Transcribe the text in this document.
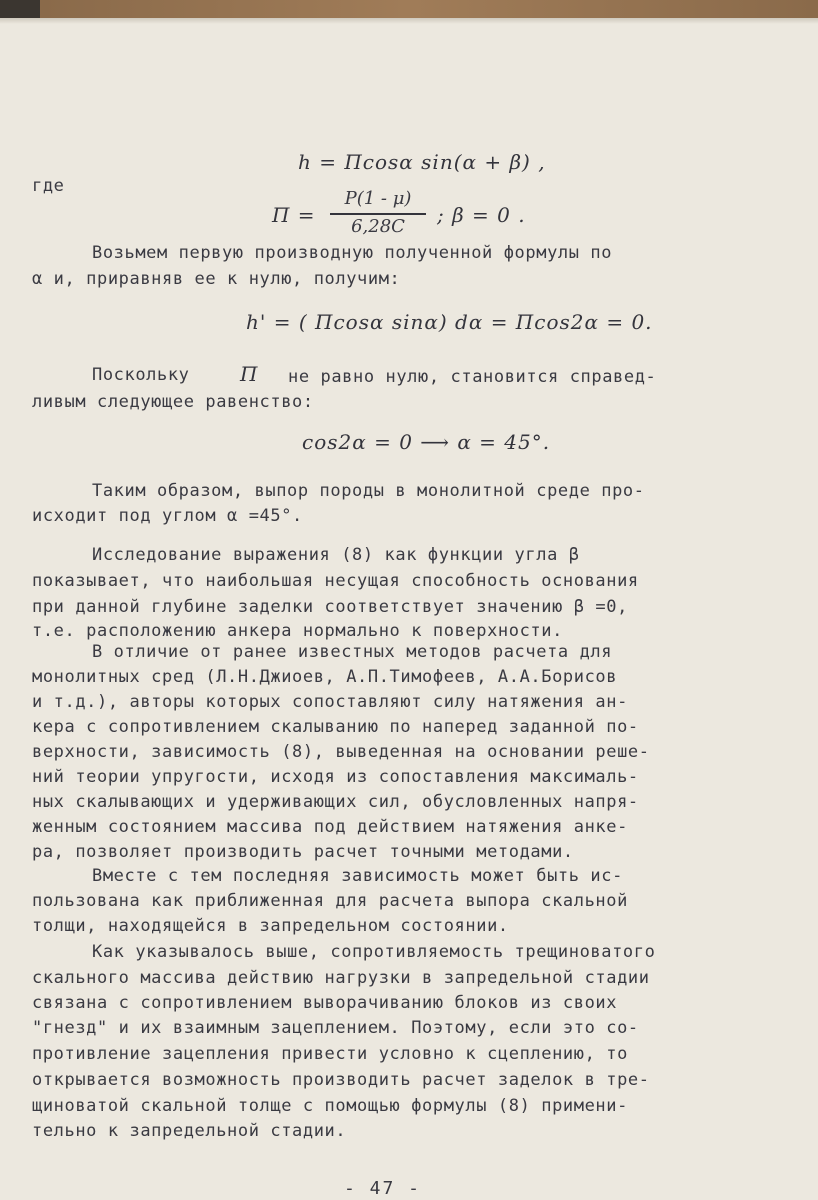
h = Пcosα sin(α + β) ,
где
П =
P(1 - μ)
6,28C	; β = 0 .
Возьмем первую производную полученной формулы по
α и, приравняв ее к нулю, получим:
h' = ( Пcosα sinα) dα = Пcos2α = 0.
Поскольку	П не равно нулю, становится справед-
ливым следующее равенство:
cos2α = 0 ⟶ α = 45°.
Таким образом, выпор породы в монолитной среде про-
исходит под углом α =45°.
Исследование выражения (8) как функции угла β
показывает, что наибольшая несущая способность основания
при данной глубине заделки соответствует значению β =0,
т.е. расположению анкера нормально к поверхности.
В отличие от ранее известных методов расчета для
монолитных сред (Л.Н.Джиоев, А.П.Тимофеев, А.А.Борисов
и т.д.), авторы которых сопоставляют силу натяжения ан-
кера с сопротивлением скалыванию по наперед заданной по-
верхности, зависимость (8), выведенная на основании реше-
ний теории упругости, исходя из сопоставления максималь-
ных скалывающих и удерживающих сил, обусловленных напря-
женным состоянием массива под действием натяжения анке-
ра, позволяет производить расчет точными методами.
Вместе с тем последняя зависимость может быть ис-
пользована как приближенная для расчета выпора скальной
толщи, находящейся в запредельном состоянии.
Как указывалось выше, сопротивляемость трещиноватого
скального массива действию нагрузки в запредельной стадии
связана с сопротивлением выворачиванию блоков из своих
"гнезд" и их взаимным зацеплением. Поэтому, если это со-
противление зацепления привести условно к сцеплению, то
открывается возможность производить расчет заделок в тре-
щиноватой скальной толще с помощью формулы (8) примени-
тельно к запредельной стадии.
- 47 -
